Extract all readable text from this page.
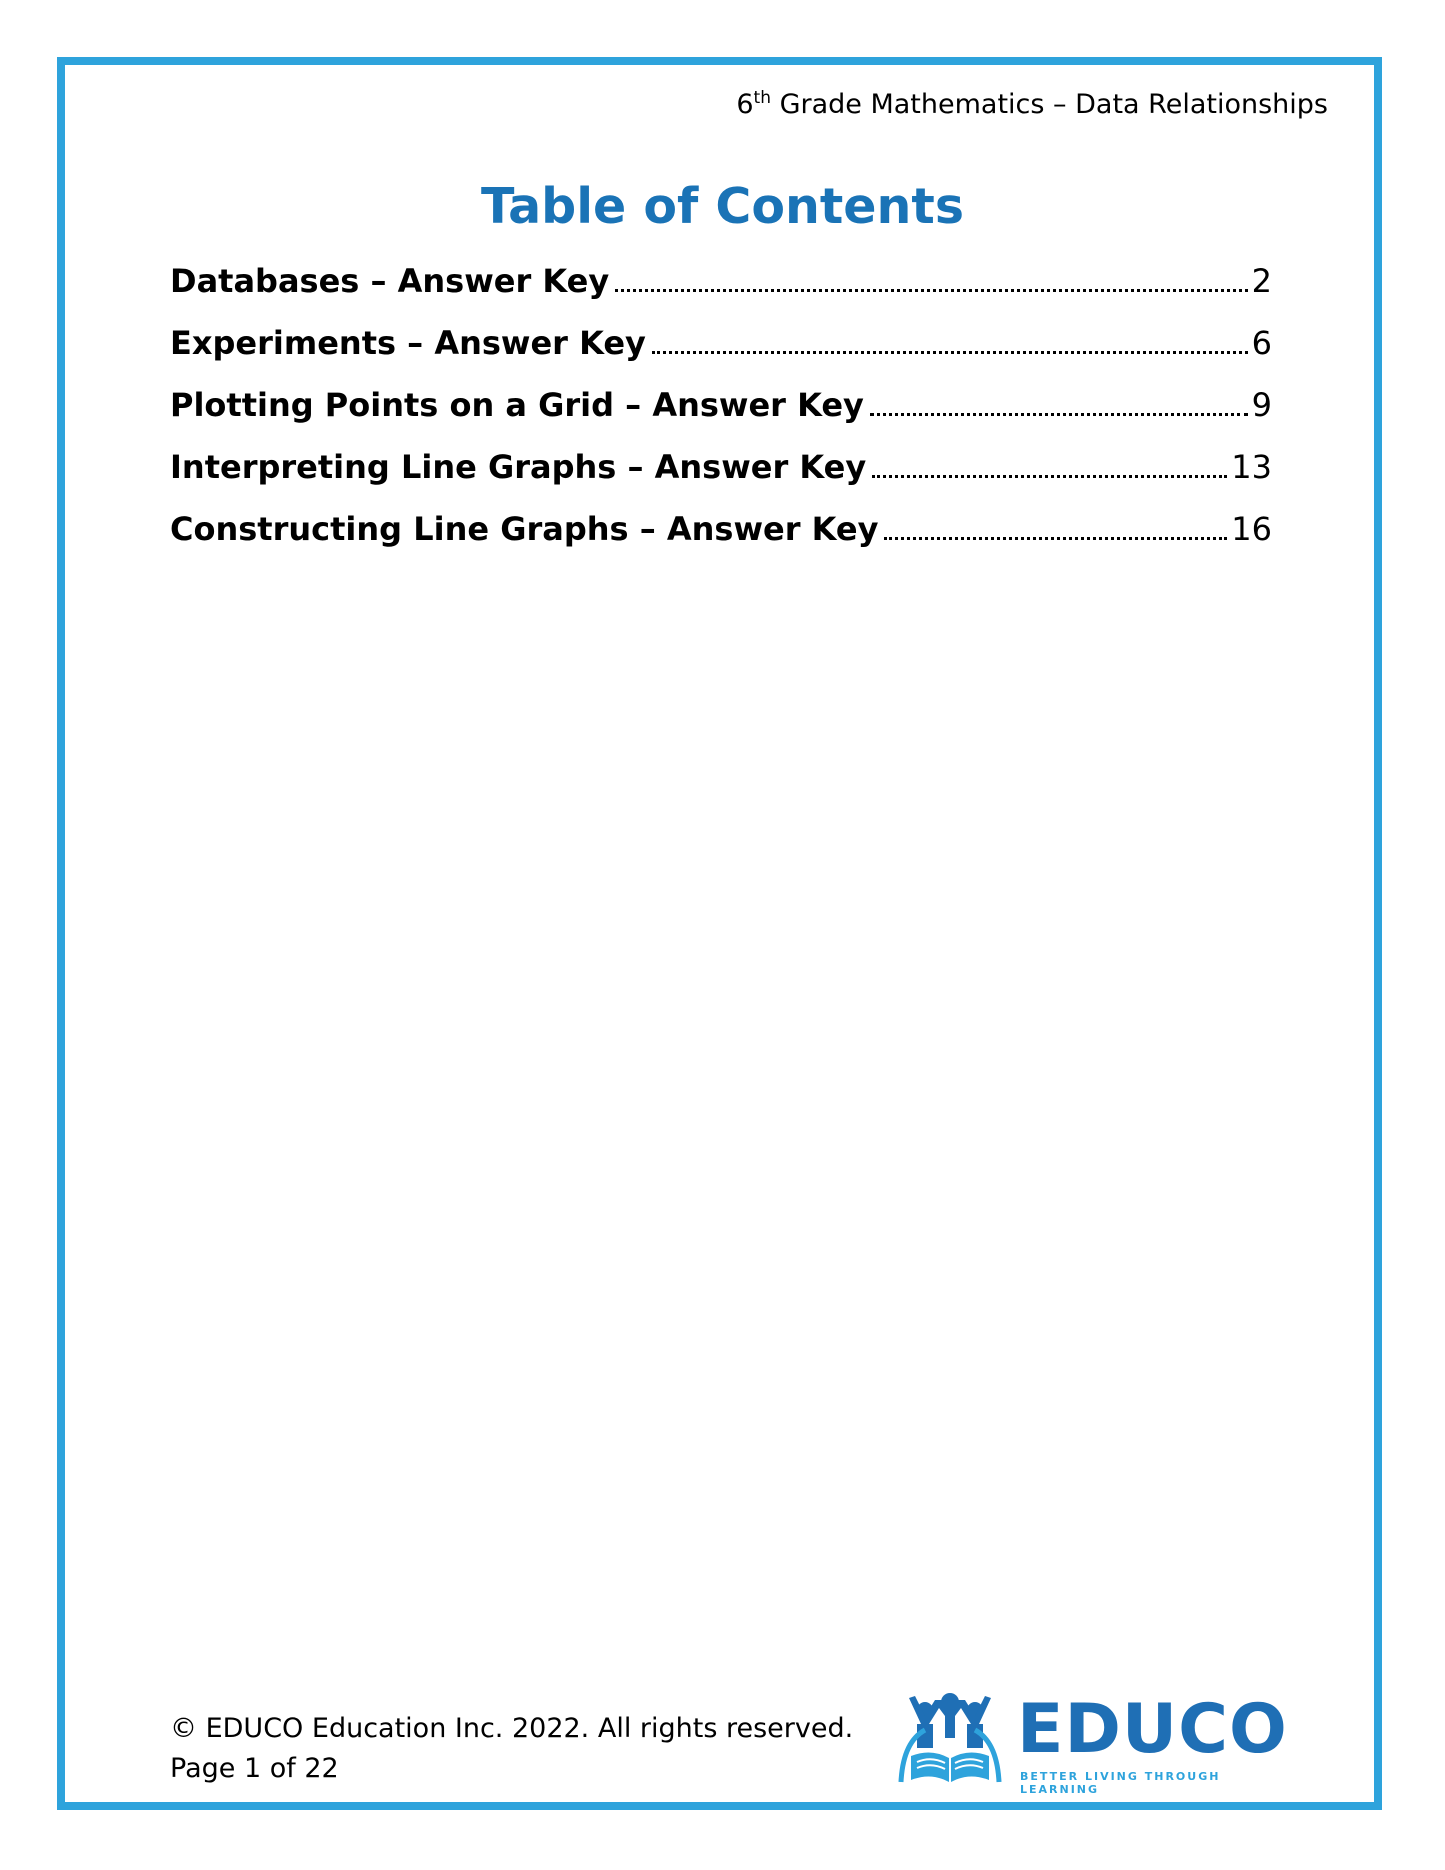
6th Grade Mathematics – Data Relationships
Table of Contents
Databases – Answer Key	2
Experiments – Answer Key	6
Plotting Points on a Grid – Answer Key	9
Interpreting Line Graphs – Answer Key	13
Constructing Line Graphs – Answer Key	16
© EDUCO Education Inc. 2022. All rights reserved.
Page 1 of 22	EDUCO
BETTER LIVING THROUGH LEARNING
